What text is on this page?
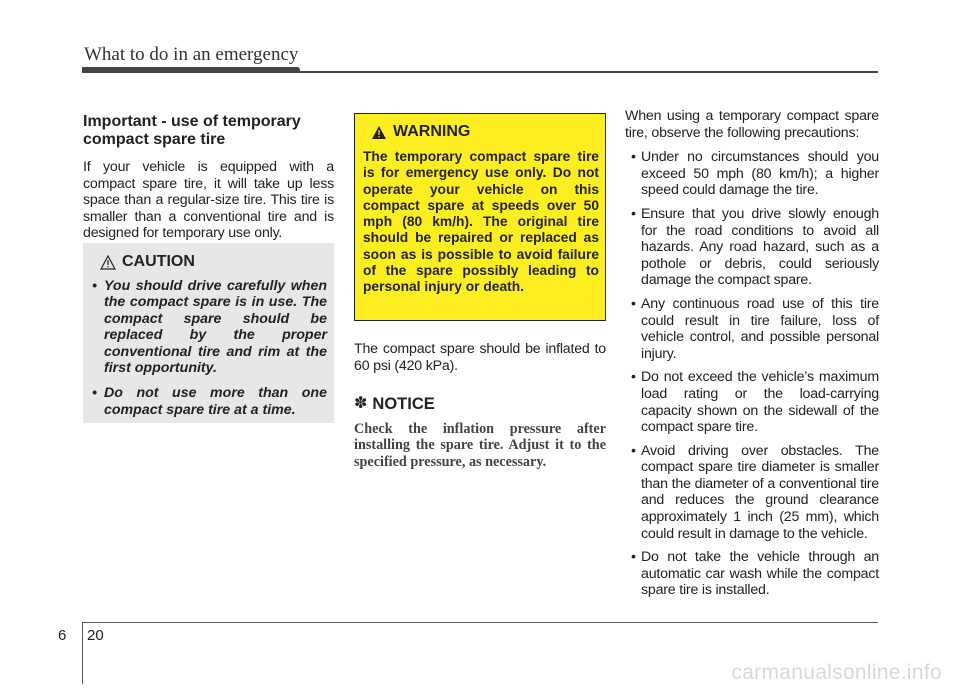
What to do in an emergency
Important - use of temporary compact spare tire

If your vehicle is equipped with a compact spare tire, it will take up less space than a regular-size tire. This tire is smaller than a conventional tire and is designed for temporary use only.

CAUTION
• You should drive carefully when the compact spare is in use. The compact spare should be replaced by the proper conventional tire and rim at the first opportunity.
• Do not use more than one compact spare tire at a time.
WARNING

The temporary compact spare tire is for emergency use only. Do not operate your vehicle on this compact spare at speeds over 50 mph (80 km/h). The original tire should be repaired or replaced as soon as is possible to avoid failure of the spare possibly leading to personal injury or death.

The compact spare should be inflated to 60 psi (420 kPa).

✽ NOTICE

Check the inflation pressure after installing the spare tire. Adjust it to the specified pressure, as necessary.

When using a temporary compact spare tire, observe the following precautions:

• Under no circumstances should you exceed 50 mph (80 km/h); a higher speed could damage the tire.
• Ensure that you drive slowly enough for the road conditions to avoid all hazards. Any road hazard, such as a pothole or debris, could seriously damage the compact spare.
• Any continuous road use of this tire could result in tire failure, loss of vehicle control, and possible personal injury.
• Do not exceed the vehicle’s maximum load rating or the load-carrying capacity shown on the sidewall of the compact spare tire.
• Avoid driving over obstacles. The compact spare tire diameter is smaller than the diameter of a conventional tire and reduces the ground clearance approximately 1 inch (25 mm), which could result in damage to the vehicle.
• Do not take the vehicle through an automatic car wash while the compact spare tire is installed.
6 20
carmanualsonline.info
